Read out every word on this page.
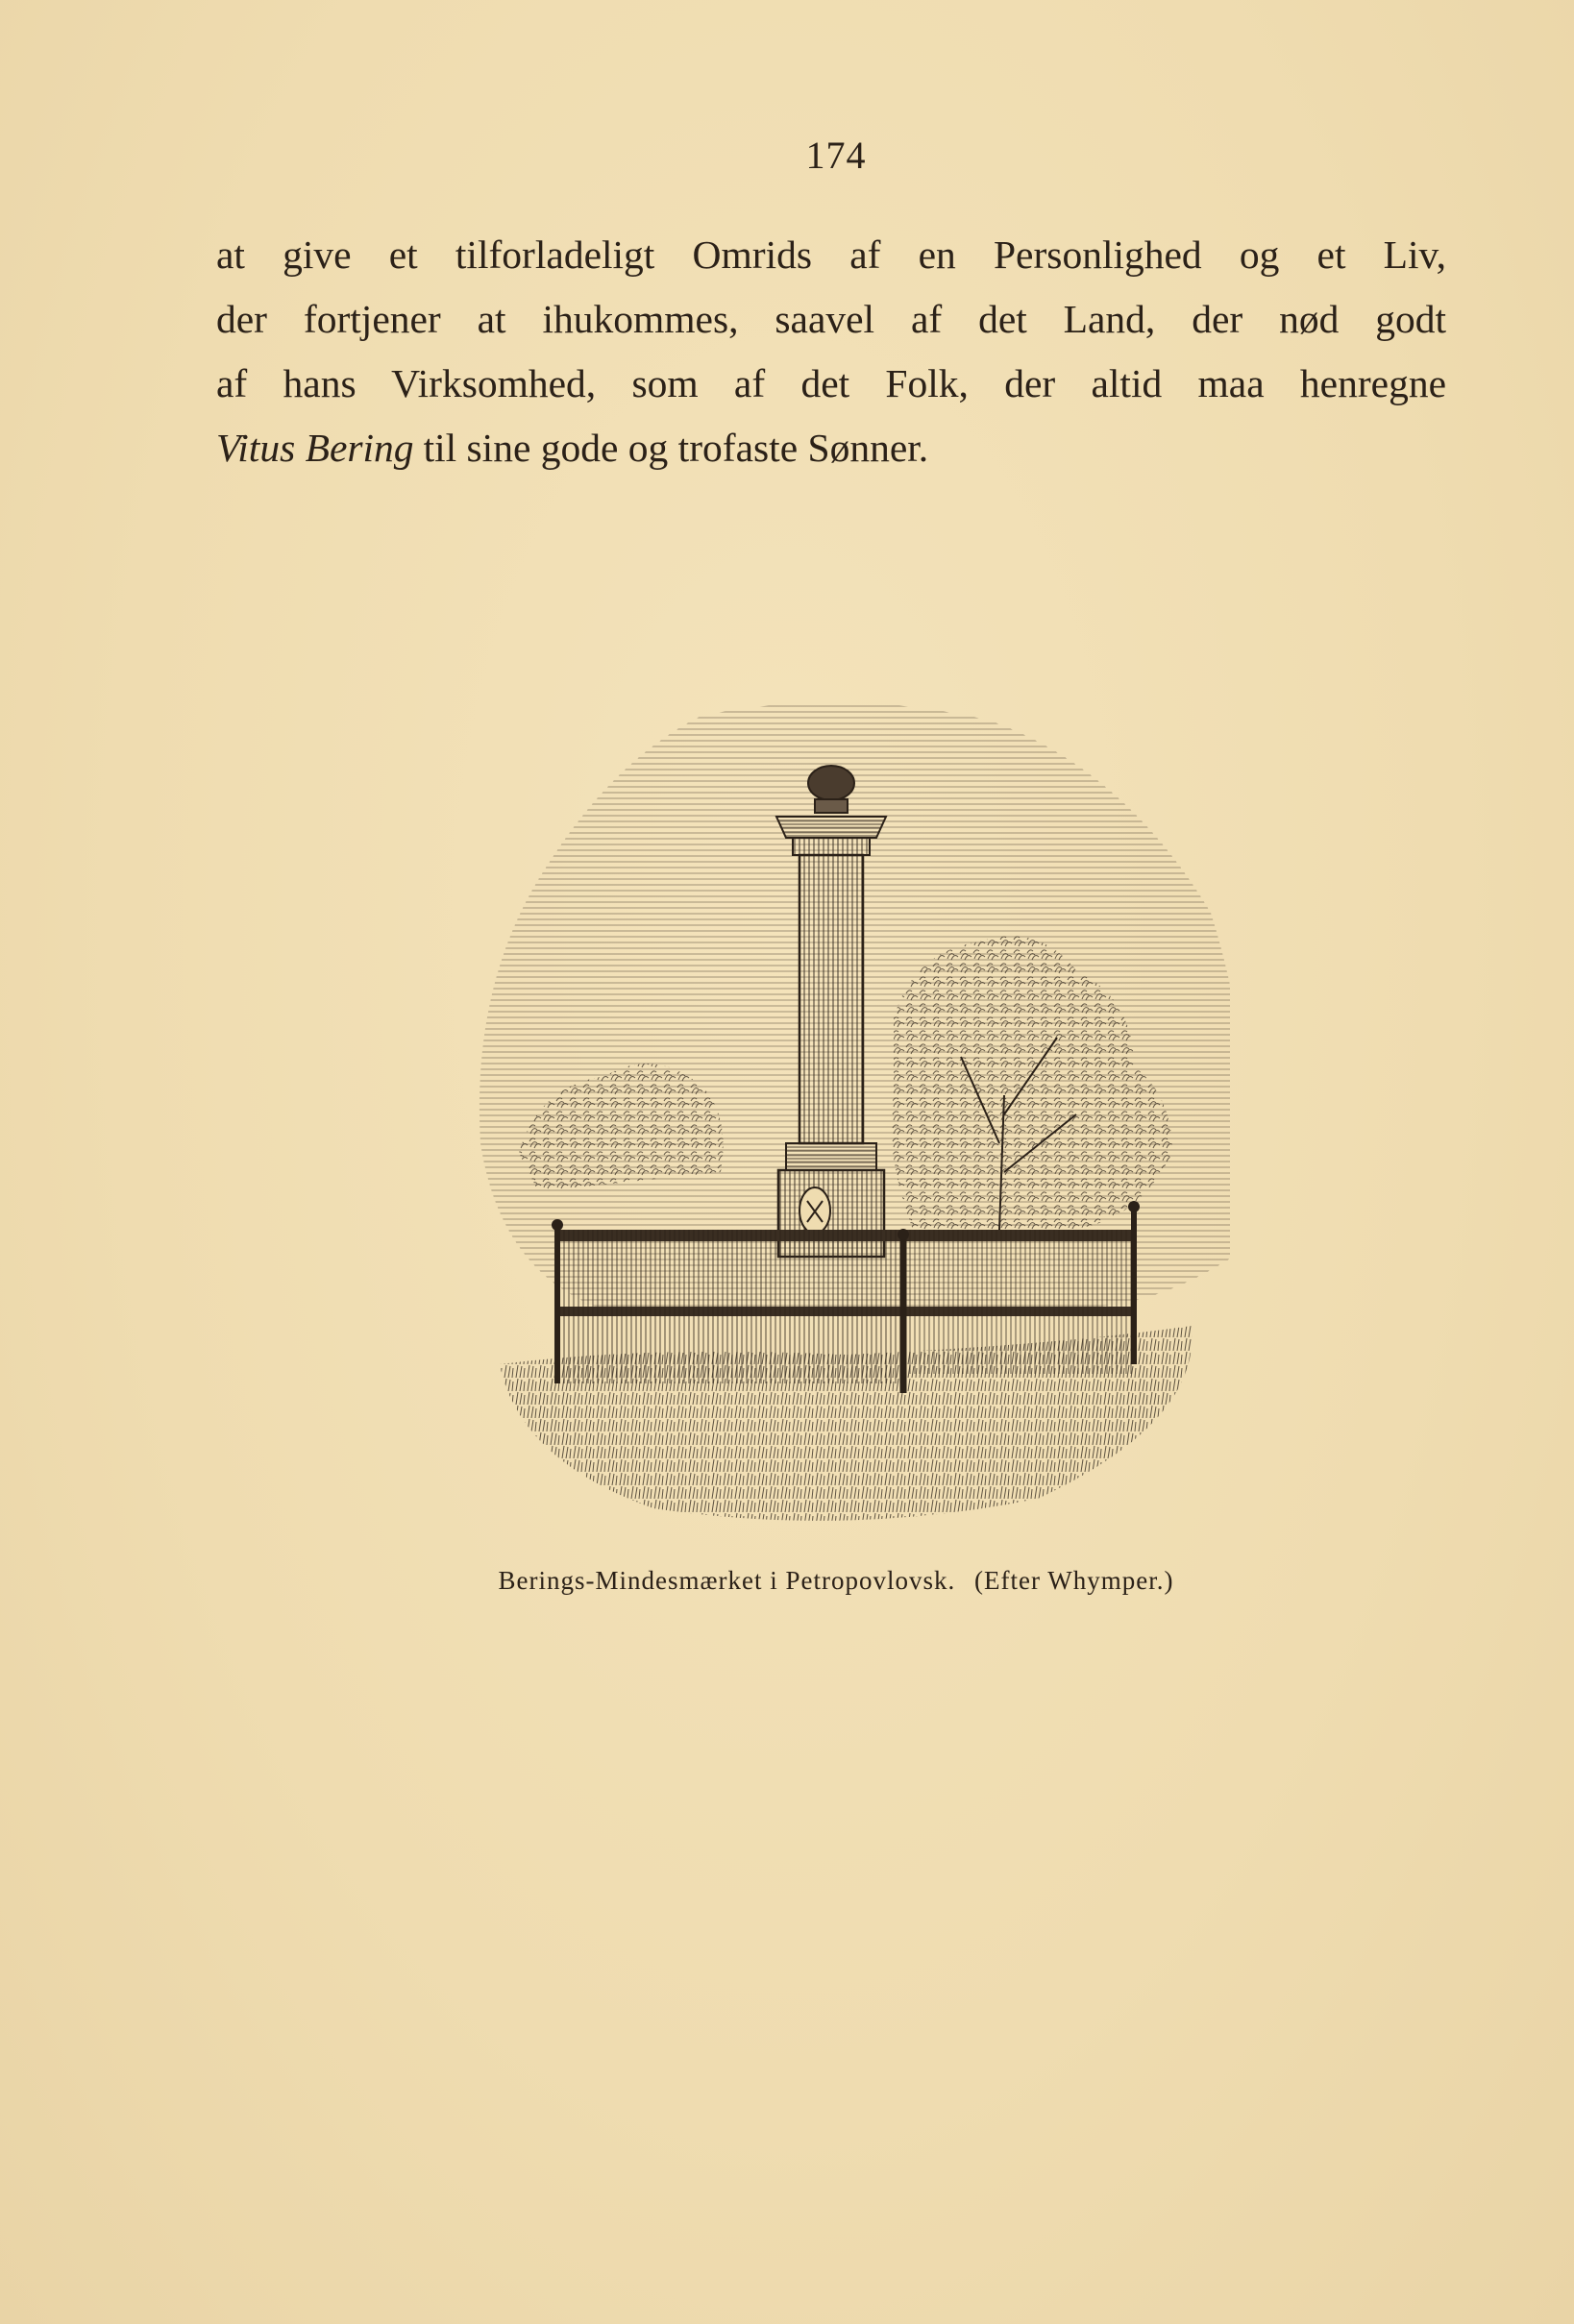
174
at give et tilforladeligt Omrids af en Personlighed og et Liv,
der fortjener at ihukommes, saavel af det Land, der nød godt
af hans Virksomhed, som af det Folk, der altid maa henregne
Vitus Bering til sine gode og trofaste Sønner.
Berings-Mindesmærket i Petropovlovsk. (Efter Whymper.)
